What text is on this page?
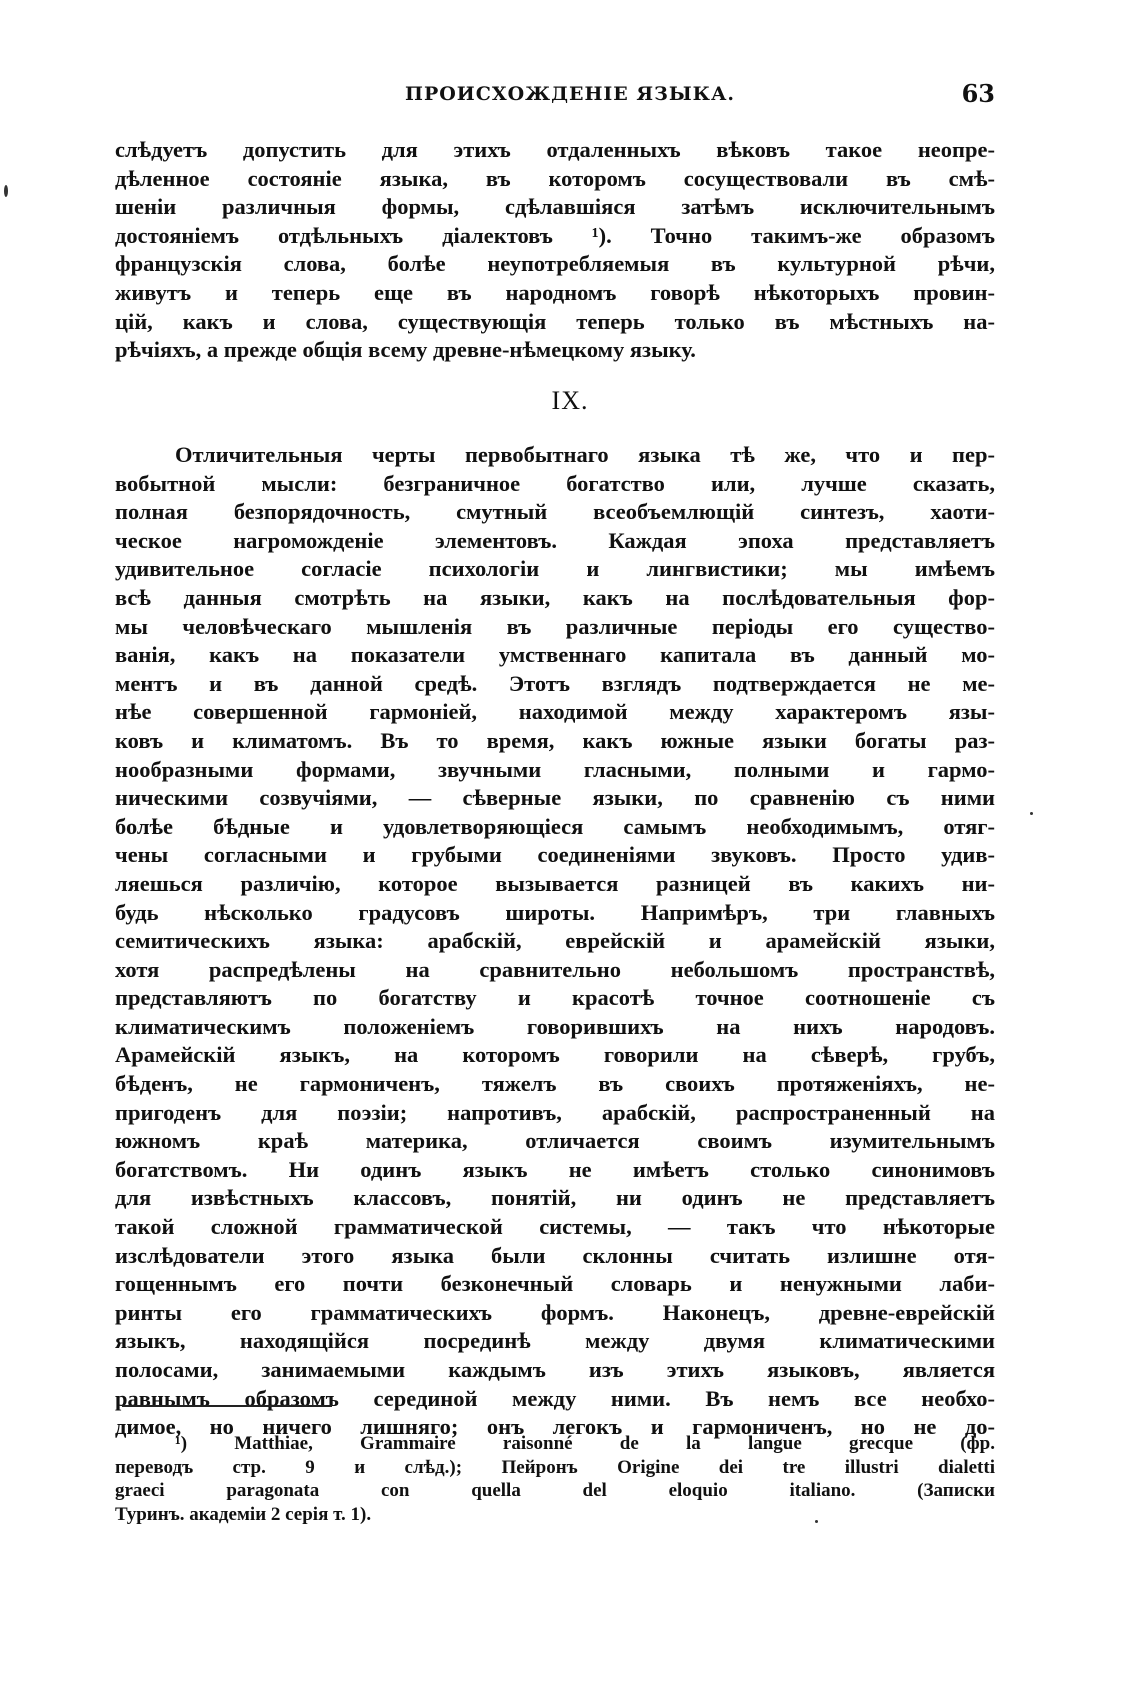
ПРОИСХОЖДЕНІЕ ЯЗЫКА.	63
слѣдуетъ допустить для этихъ отдаленныхъ вѣковъ такое неопре-
дѣленное состояніе языка, въ которомъ сосуществовали въ смѣ-
шеніи различныя формы, сдѣлавшіяся затѣмъ исключительнымъ
достояніемъ отдѣльныхъ діалектовъ ¹). Точно такимъ-же образомъ
французскія слова, болѣе неупотребляемыя въ культурной рѣчи,
живутъ и теперь еще въ народномъ говорѣ нѣкоторыхъ провин-
цій, какъ и слова, существующія теперь только въ мѣстныхъ на-
рѣчіяхъ, а прежде общія всему древне-нѣмецкому языку.
IX.
Отличительныя черты первобытнаго языка тѣ же, что и пер-
вобытной мысли: безграничное богатство или, лучше сказать,
полная безпорядочность, смутный всеобъемлющій синтезъ, хаоти-
ческое нагроможденіе элементовъ. Каждая эпоха представляетъ
удивительное согласіе психологіи и лингвистики; мы имѣемъ
всѣ данныя смотрѣть на языки, какъ на послѣдовательныя фор-
мы человѣческаго мышленія въ различные періоды его существо-
ванія, какъ на показатели умственнаго капитала въ данный мо-
ментъ и въ данной средѣ. Этотъ взглядъ подтверждается не ме-
нѣе совершенной гармоніей, находимой между характеромъ язы-
ковъ и климатомъ. Въ то время, какъ южные языки богаты раз-
нообразными формами, звучными гласными, полными и гармо-
ническими созвучіями, — сѣверные языки, по сравненію съ ними
болѣе бѣдные и удовлетворяющіеся самымъ необходимымъ, отяг-
чены согласными и грубыми соединеніями звуковъ. Просто удив-
ляешься различію, которое вызывается разницей въ какихъ ни-
будь нѣсколько градусовъ широты. Напримѣръ, три главныхъ
семитическихъ языка: арабскій, еврейскій и арамейскій языки,
хотя распредѣлены на сравнительно небольшомъ пространствѣ,
представляютъ по богатству и красотѣ точное соотношеніе съ
климатическимъ положеніемъ говорившихъ на нихъ народовъ.
Арамейскій языкъ, на которомъ говорили на сѣверѣ, грубъ,
бѣденъ, не гармониченъ, тяжелъ въ своихъ протяженіяхъ, не-
пригоденъ для поэзіи; напротивъ, арабскій, распространенный на
южномъ краѣ материка, отличается своимъ изумительнымъ
богатствомъ. Ни одинъ языкъ не имѣетъ столько синонимовъ
для извѣстныхъ классовъ, понятій, ни одинъ не представляетъ
такой сложной грамматической системы, — такъ что нѣкоторые
изслѣдователи этого языка были склонны считать излишне отя-
гощеннымъ его почти безконечный словарь и ненужными лаби-
ринты его грамматическихъ формъ. Наконецъ, древне-еврейскій
языкъ, находящійся посрединѣ между двумя климатическими
полосами, занимаемыми каждымъ изъ этихъ языковъ, является
равнымъ образомъ серединой между ними. Въ немъ все необхо-
димое, но ничего лишняго; онъ легокъ и гармониченъ, но не до-
¹) Matthiae, Grammaire raisonné de la langue grecque (фр.
переводъ стр. 9 и слѣд.); Пейронъ Origine dei tre illustri dialetti
graeci paragonata con quella del eloquio italiano. (Записки
Туринъ. академіи 2 серія т. 1).
